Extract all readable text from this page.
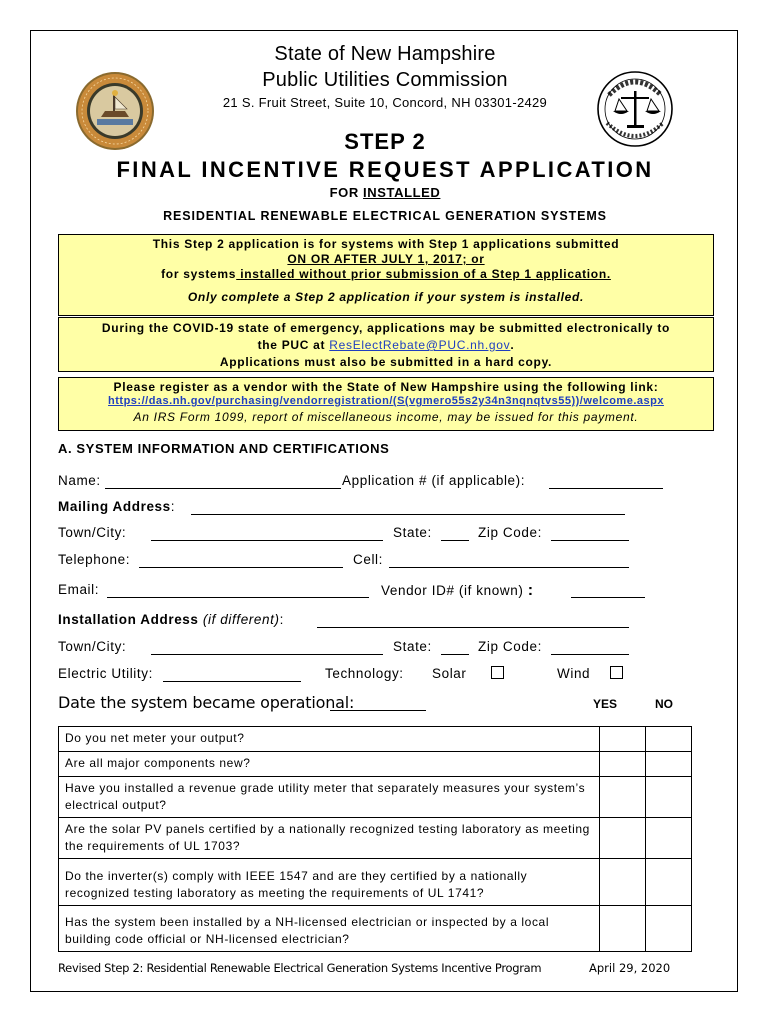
State of New Hampshire
Public Utilities Commission
21 S. Fruit Street, Suite 10, Concord, NH 03301-2429
STEP 2
FINAL INCENTIVE REQUEST APPLICATION
FOR INSTALLED
RESIDENTIAL RENEWABLE ELECTRICAL GENERATION SYSTEMS
This Step 2 application is for systems with Step 1 applications submitted
ON OR AFTER JULY 1, 2017; or
for systems installed without prior submission of a Step 1 application.
Only complete a Step 2 application if your system is installed.
During the COVID-19 state of emergency, applications may be submitted electronically to
the PUC at ResElectRebate@PUC.nh.gov.
Applications must also be submitted in a hard copy.
Please register as a vendor with the State of New Hampshire using the following link:
https://das.nh.gov/purchasing/vendorregistration/(S(vgmero55s2y34n3nqnqtvs55))/welcome.aspx
An IRS Form 1099, report of miscellaneous income, may be issued for this payment.
A. SYSTEM INFORMATION AND CERTIFICATIONS
Name:	Application # (if applicable):
Mailing Address:
Town/City:	State:	Zip Code:
Telephone:	Cell:
Email:	Vendor ID# (if known) :
Installation Address (if different):
Town/City:	State:	Zip Code:
Electric Utility:	Technology: Solar	Wind
Date the system became operational:	YES	NO
Do you net meter your output?		
Are all major components new?		
Have you installed a revenue grade utility meter that separately measures your system’s electrical output?		
Are the solar PV panels certified by a nationally recognized testing laboratory as meeting the requirements of UL 1703?		
Do the inverter(s) comply with IEEE 1547 and are they certified by a nationally recognized testing laboratory as meeting the requirements of UL 1741?		
Has the system been installed by a NH-licensed electrician or inspected by a local building code official or NH-licensed electrician?		
Revised Step 2: Residential Renewable Electrical Generation Systems Incentive Program	April 29, 2020
